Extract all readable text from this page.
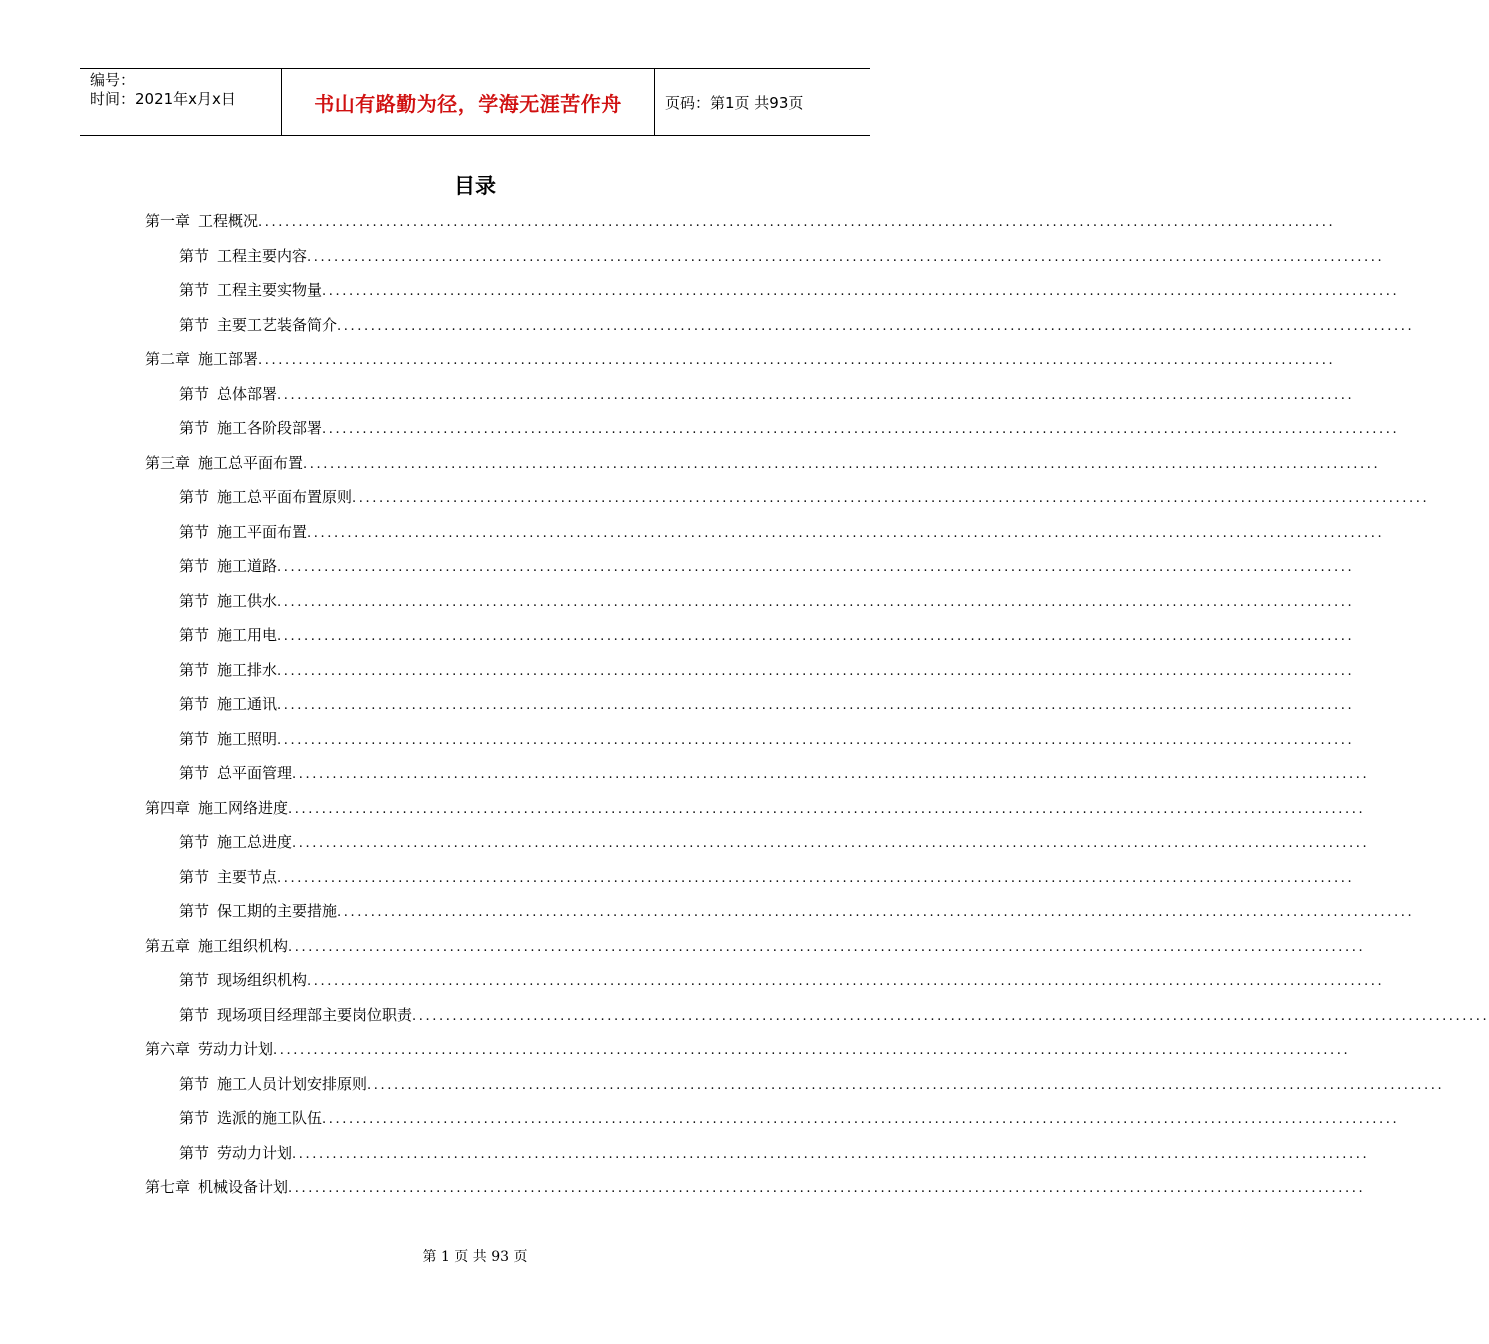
编号：
时间：2021年x月x日	书山有路勤为径，学海无涯苦作舟	页码：第1页 共93页
目录
第一章 工程概况 ................................................................................................................................................................
第节 工程主要内容 ................................................................................................................................................................
第节 工程主要实物量 ................................................................................................................................................................
第节 主要工艺装备简介 ................................................................................................................................................................
第二章 施工部署 ................................................................................................................................................................
第节 总体部署 ................................................................................................................................................................
第节 施工各阶段部署 ................................................................................................................................................................
第三章 施工总平面布置 ................................................................................................................................................................
第节 施工总平面布置原则 ................................................................................................................................................................
第节 施工平面布置 ................................................................................................................................................................
第节 施工道路 ................................................................................................................................................................
第节 施工供水 ................................................................................................................................................................
第节 施工用电 ................................................................................................................................................................
第节 施工排水 ................................................................................................................................................................
第节 施工通讯 ................................................................................................................................................................
第节 施工照明 ................................................................................................................................................................
第节 总平面管理 ................................................................................................................................................................
第四章 施工网络进度 ................................................................................................................................................................
第节 施工总进度 ................................................................................................................................................................
第节 主要节点 ................................................................................................................................................................
第节 保工期的主要措施 ................................................................................................................................................................
第五章 施工组织机构 ................................................................................................................................................................
第节 现场组织机构 ................................................................................................................................................................
第节 现场项目经理部主要岗位职责 ................................................................................................................................................................
第六章 劳动力计划 ................................................................................................................................................................
第节 施工人员计划安排原则 ................................................................................................................................................................
第节 选派的施工队伍 ................................................................................................................................................................
第节 劳动力计划 ................................................................................................................................................................
第七章 机械设备计划 ................................................................................................................................................................
第 1 页 共 93 页
